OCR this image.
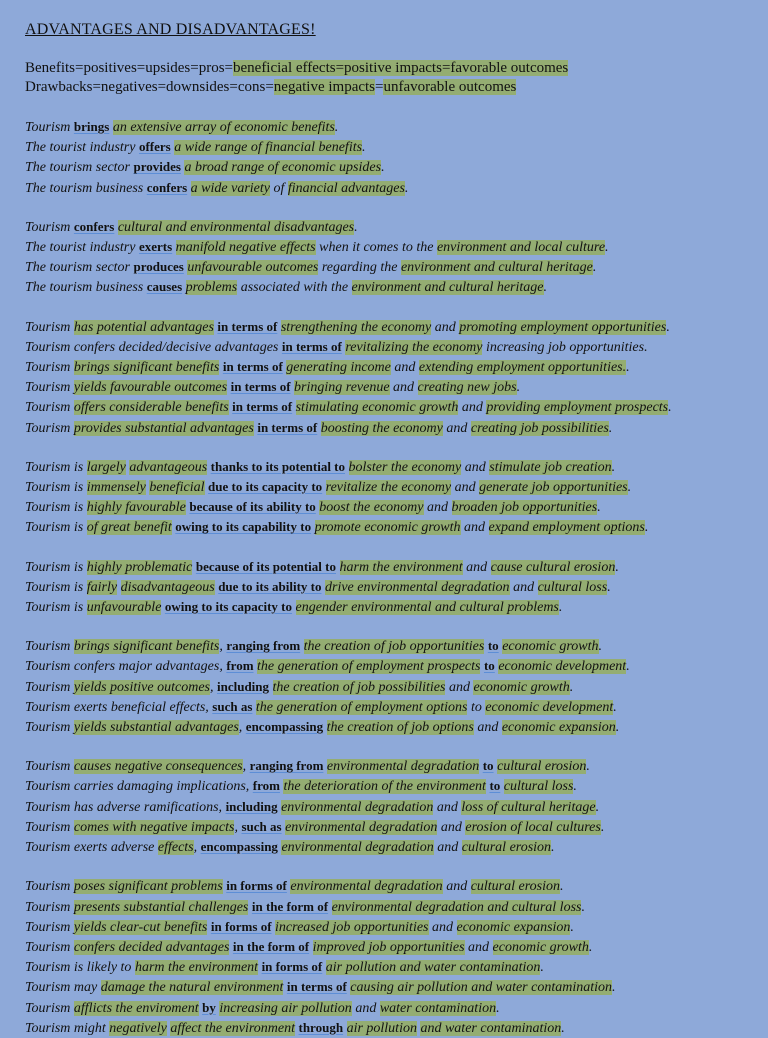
ADVANTAGES AND DISADVANTAGES!
Benefits=positives=upsides=pros=beneficial effects=positive impacts=favorable outcomes
Drawbacks=negatives=downsides=cons=negative impacts=unfavorable outcomes
Tourism brings an extensive array of economic benefits.
The tourist industry offers a wide range of financial benefits.
The tourism sector provides a broad range of economic upsides.
The tourism business confers a wide variety of financial advantages.
Tourism confers cultural and environmental disadvantages.
The tourist industry exerts manifold negative effects when it comes to the environment and local culture.
The tourism sector produces unfavourable outcomes regarding the environment and cultural heritage.
The tourism business causes problems associated with the environment and cultural heritage.
Tourism has potential advantages in terms of strengthening the economy and promoting employment opportunities.
Tourism confers decided/decisive advantages in terms of revitalizing the economy increasing job opportunities.
Tourism brings significant benefits in terms of generating income and extending employment opportunities..
Tourism yields favourable outcomes in terms of bringing revenue and creating new jobs.
Tourism offers considerable benefits in terms of stimulating economic growth and providing employment prospects.
Tourism provides substantial advantages in terms of boosting the economy and creating job possibilities.
Tourism is largely advantageous thanks to its potential to bolster the economy and stimulate job creation.
Tourism is immensely beneficial due to its capacity to revitalize the economy and generate job opportunities.
Tourism is highly favourable because of its ability to boost the economy and broaden job opportunities.
Tourism is of great benefit owing to its capability to promote economic growth and expand employment options.
Tourism is highly problematic because of its potential to harm the environment and cause cultural erosion.
Tourism is fairly disadvantageous due to its ability to drive environmental degradation and cultural loss.
Tourism is unfavourable owing to its capacity to engender environmental and cultural problems.
Tourism brings significant benefits, ranging from the creation of job opportunities to economic growth.
Tourism confers major advantages, from the generation of employment prospects to economic development.
Tourism yields positive outcomes, including the creation of job possibilities and economic growth.
Tourism exerts beneficial effects, such as the generation of employment options to economic development.
Tourism yields substantial advantages, encompassing the creation of job options and economic expansion.
Tourism causes negative consequences, ranging from environmental degradation to cultural erosion.
Tourism carries damaging implications, from the deterioration of the environment to cultural loss.
Tourism has adverse ramifications, including environmental degradation and loss of cultural heritage.
Tourism comes with negative impacts, such as environmental degradation and erosion of local cultures.
Tourism exerts adverse effects, encompassing environmental degradation and cultural erosion.
Tourism poses significant problems in forms of environmental degradation and cultural erosion.
Tourism presents substantial challenges in the form of environmental degradation and cultural loss.
Tourism yields clear-cut benefits in forms of increased job opportunities and economic expansion.
Tourism confers decided advantages in the form of improved job opportunities and economic growth.
Tourism is likely to harm the environment in forms of air pollution and water contamination.
Tourism may damage the natural environment in terms of causing air pollution and water contamination.
Tourism afflicts the enviroment by increasing air pollution and water contamination.
Tourism might negatively affect the environment through air pollution and water contamination.
